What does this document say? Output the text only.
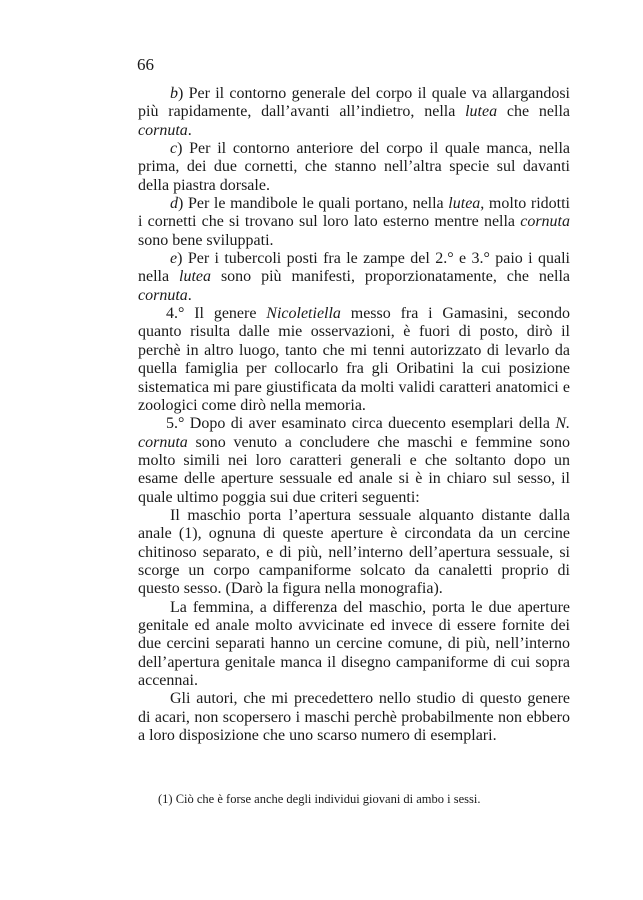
66

b) Per il contorno generale del corpo il quale va allargandosi più rapidamente, dall’avanti all’indietro, nella lutea che nella cornuta.

c) Per il contorno anteriore del corpo il quale manca, nella prima, dei due cornetti, che stanno nell’altra specie sul davanti della piastra dorsale.

d) Per le mandibole le quali portano, nella lutea, molto ridotti i cornetti che si trovano sul loro lato esterno mentre nella cornuta sono bene sviluppati.

e) Per i tubercoli posti fra le zampe del 2.° e 3.° paio i quali nella lutea sono più manifesti, proporzionatamente, che nella cornuta.

4.° Il genere Nicoletiella messo fra i Gamasini, secondo quanto risulta dalle mie osservazioni, è fuori di posto, dirò il perchè in altro luogo, tanto che mi tenni autorizzato di levarlo da quella famiglia per collocarlo fra gli Oribatini la cui posizione sistematica mi pare giustificata da molti validi caratteri anatomici e zoologici come dirò nella memoria.

5.° Dopo di aver esaminato circa duecento esemplari della N. cornuta sono venuto a concludere che maschi e femmine sono molto simili nei loro caratteri generali e che soltanto dopo un esame delle aperture sessuale ed anale si è in chiaro sul sesso, il quale ultimo poggia sui due criteri seguenti:

Il maschio porta l’apertura sessuale alquanto distante dalla anale (1), ognuna di queste aperture è circondata da un cercine chitinoso separato, e di più, nell’interno dell’apertura sessuale, si scorge un corpo campaniforme solcato da canaletti proprio di questo sesso. (Darò la figura nella monografia).

La femmina, a differenza del maschio, porta le due aperture genitale ed anale molto avvicinate ed invece di essere fornite dei due cercini separati hanno un cercine comune, di più, nell’interno dell’apertura genitale manca il disegno campaniforme di cui sopra accennai.

Gli autori, che mi precedettero nello studio di questo genere di acari, non scopersero i maschi perchè probabilmente non ebbero a loro disposizione che uno scarso numero di esemplari.

(1) Ciò che è forse anche degli individui giovani di ambo i sessi.
